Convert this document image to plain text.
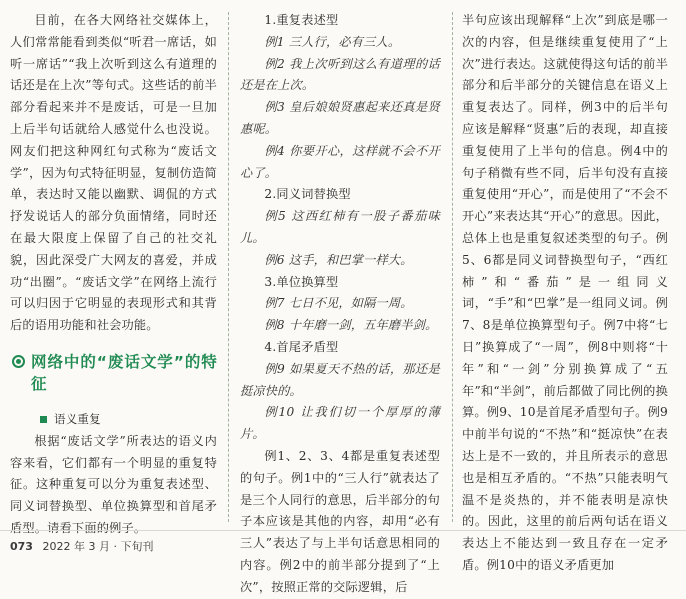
目前，在各大网络社交媒体上，人们常常能看到类似“听君一席话，如听一席话”“我上次听到这么有道理的话还是在上次”等句式。这些话的前半部分看起来并不是废话，可是一旦加上后半句话就给人感觉什么也没说。网友们把这种网红句式称为“废话文学”，因为句式特征明显，复制仿造简单，表达时又能以幽默、调侃的方式抒发说话人的部分负面情绪，同时还在最大限度上保留了自己的社交礼貌，因此深受广大网友的喜爱，并成功“出圈”。“废话文学”在网络上流行可以归因于它明显的表现形式和其背后的语用功能和社会功能。

网络中的“废话文学”的特征
语义重复

根据“废话文学”所表达的语义内容来看，它们都有一个明显的重复特征。这种重复可以分为重复表述型、同义词替换型、单位换算型和首尾矛盾型。请看下面的例子。

1.重复表述型

例1 三人行，必有三人。

例2 我上次听到这么有道理的话还是在上次。

例3 皇后娘娘贤惠起来还真是贤惠呢。

例4 你要开心，这样就不会不开心了。

2.同义词替换型

例5 这西红柿有一股子番茄味儿。

例6 这手，和巴掌一样大。

3.单位换算型

例7 七日不见，如隔一周。

例8 十年磨一剑，五年磨半剑。

4.首尾矛盾型

例9 如果夏天不热的话，那还是挺凉快的。

例10 让我们切一个厚厚的薄片。

例1、2、3、4都是重复表述型的句子。例1中的“三人行”就表达了是三个人同行的意思，后半部分的句子本应该是其他的内容，却用“必有三人”表达了与上半句话意思相同的内容。例2中的前半部分提到了“上次”，按照正常的交际逻辑，后

半句应该出现解释“上次”到底是哪一次的内容，但是继续重复使用了“上次”进行表达。这就使得这句话的前半部分和后半部分的关键信息在语义上重复表达了。同样，例3中的后半句应该是解释“贤惠”后的表现，却直接重复使用了上半句的信息。例4中的句子稍微有些不同，后半句没有直接重复使用“开心”，而是使用了“不会不开心”来表达其“开心”的意思。因此，总体上也是重复叙述类型的句子。例5、6都是同义词替换型句子，“西红柿”和“番茄”是一组同义词，“手”和“巴掌”是一组同义词。例7、8是单位换算型句子。例7中将“七日”换算成了“一周”，例8中则将“十年”和“一剑”分别换算成了“五年”和“半剑”，前后都做了同比例的换算。例9、10是首尾矛盾型句子。例9中前半句说的“不热”和“挺凉快”在表达上是不一致的，并且所表示的意思也是相互矛盾的。“不热”只能表明气温不是炎热的，并不能表明是凉快的。因此，这里的前后两句话在语义表达上不能达到一致且存在一定矛盾。例10中的语义矛盾更加

073 2022 年 3 月 · 下旬刊
